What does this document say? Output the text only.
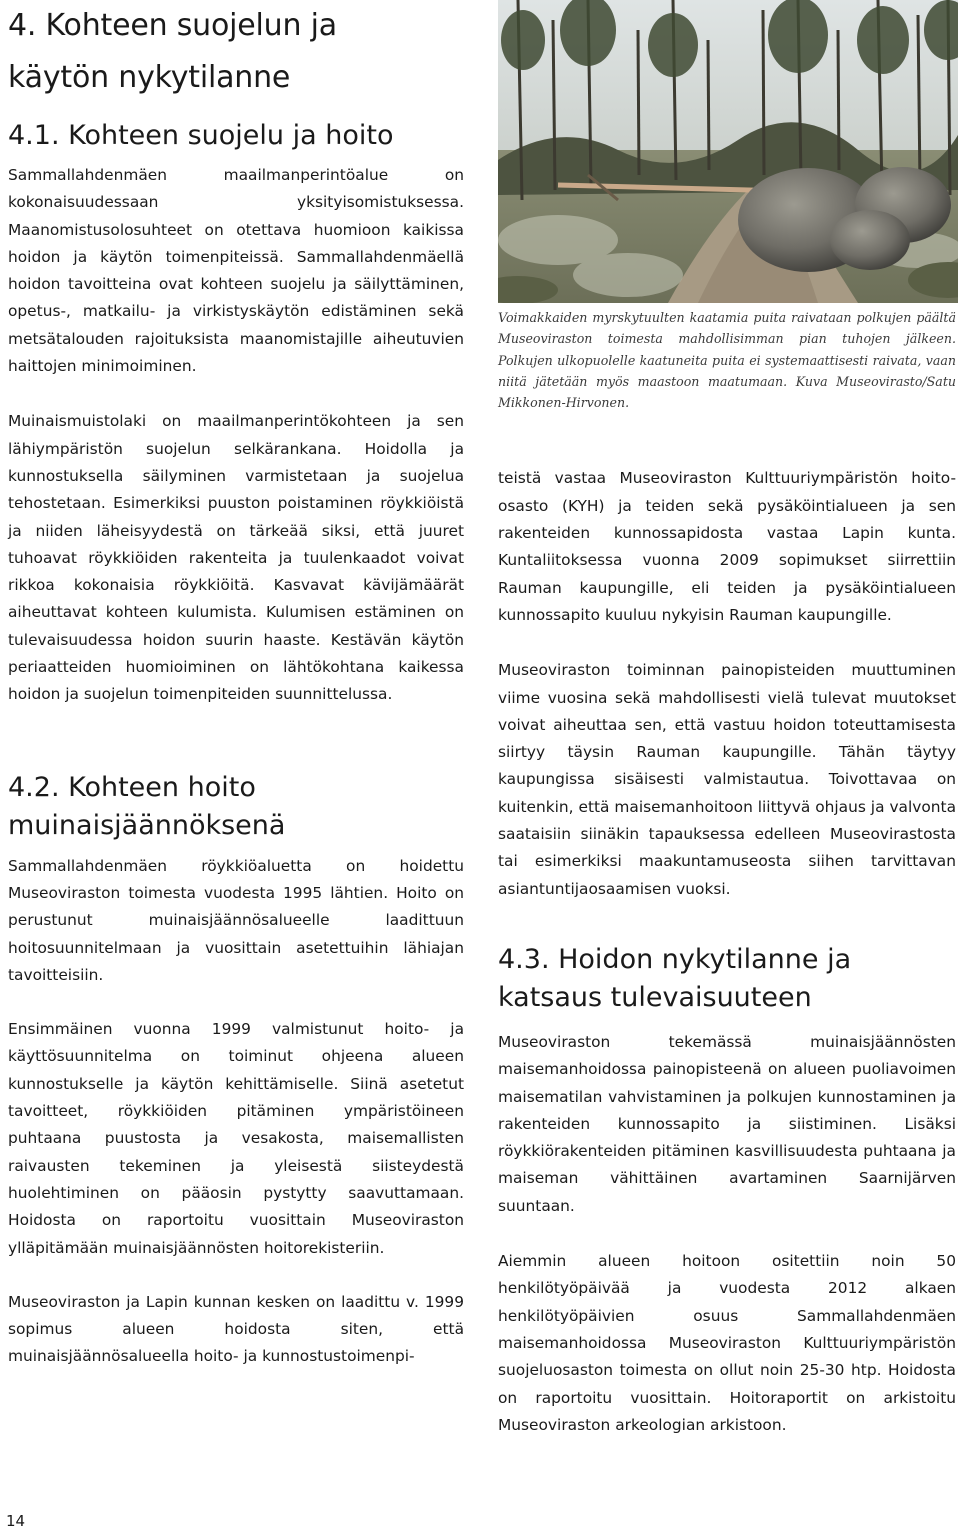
4. Kohteen suojelun ja käytön nykytilanne
4.1. Kohteen suojelu ja hoito

Sammallahdenmäen maailmanperintöalue on kokonaisuudessaan yksityisomistuksessa. Maanomistusolosuhteet on otettava huomioon kaikissa hoidon ja käytön toimenpiteissä. Sammallahdenmäellä hoidon tavoitteina ovat kohteen suojelu ja säilyttäminen, opetus-, matkailu- ja virkistyskäytön edistäminen sekä metsätalouden rajoituksista maanomistajille aiheutuvien haittojen minimoiminen.

Muinaismuistolaki on maailmanperintökohteen ja sen lähiympäristön suojelun selkärankana. Hoidolla ja kunnostuksella säilyminen varmistetaan ja suojelua tehostetaan. Esimerkiksi puuston poistaminen röykkiöistä ja niiden läheisyydestä on tärkeää siksi, että juuret tuhoavat röykkiöiden rakenteita ja tuulenkaadot voivat rikkoa kokonaisia röykkiöitä. Kasvavat kävijämäärät aiheuttavat kohteen kulumista. Kulumisen estäminen on tulevaisuudessa hoidon suurin haaste. Kestävän käytön periaatteiden huomioiminen on lähtökohtana kaikessa hoidon ja suojelun toimenpiteiden suunnittelussa.

4.2. Kohteen hoito muinaisjäännöksenä

Sammallahdenmäen röykkiöaluetta on hoidettu Museoviraston toimesta vuodesta 1995 lähtien. Hoito on perustunut muinaisjäännösalueelle laadittuun hoitosuunnitelmaan ja vuosittain asetettuihin lähiajan tavoitteisiin.

Ensimmäinen vuonna 1999 valmistunut hoito- ja käyttösuunnitelma on toiminut ohjeena alueen kunnostukselle ja käytön kehittämiselle. Siinä asetetut tavoitteet, röykkiöiden pitäminen ympäristöineen puhtaana puustosta ja vesakosta, maisemallisten raivausten tekeminen ja yleisestä siisteydestä huolehtiminen on pääosin pystytty saavuttamaan. Hoidosta on raportoitu vuosittain Museoviraston ylläpitämään muinaisjäännösten hoitorekisteriin.

Museoviraston ja Lapin kunnan kesken on laadittu v. 1999 sopimus alueen hoidosta siten, että muinaisjäännösalueella hoito- ja kunnostustoimenpi-

Voimakkaiden myrskytuulten kaatamia puita raivataan polkujen päältä Museoviraston toimesta mahdollisimman pian tuhojen jälkeen. Polkujen ulkopuolelle kaatuneita puita ei systemaattisesti raivata, vaan niitä jätetään myös maastoon maatumaan. Kuva Museovirasto/Satu Mikkonen-Hirvonen.

teistä vastaa Museoviraston Kulttuuriympäristön hoito-osasto (KYH) ja teiden sekä pysäköintialueen ja sen rakenteiden kunnossapidosta vastaa Lapin kunta. Kuntaliitoksessa vuonna 2009 sopimukset siirrettiin Rauman kaupungille, eli teiden ja pysäköintialueen kunnossapito kuuluu nykyisin Rauman kaupungille.

Museoviraston toiminnan painopisteiden muuttuminen viime vuosina sekä mahdollisesti vielä tulevat muutokset voivat aiheuttaa sen, että vastuu hoidon toteuttamisesta siirtyy täysin Rauman kaupungille. Tähän täytyy kaupungissa sisäisesti valmistautua. Toivottavaa on kuitenkin, että maisemanhoitoon liittyvä ohjaus ja valvonta saataisiin siinäkin tapauksessa edelleen Museovirastosta tai esimerkiksi maakuntamuseosta siihen tarvittavan asiantuntijaosaamisen vuoksi.

4.3. Hoidon nykytilanne ja katsaus tulevaisuuteen

Museoviraston tekemässä muinaisjäännösten maisemanhoidossa painopisteenä on alueen puoliavoimen maisematilan vahvistaminen ja polkujen kunnostaminen ja rakenteiden kunnossapito ja siistiminen. Lisäksi röykkiörakenteiden pitäminen kasvillisuudesta puhtaana ja maiseman vähittäinen avartaminen Saarnijärven suuntaan.

Aiemmin alueen hoitoon ositettiin noin 50 henkilötyöpäivää ja vuodesta 2012 alkaen henkilötyöpäivien osuus Sammallahdenmäen maisemanhoidossa Museoviraston Kulttuuriympäristön suojeluosaston toimesta on ollut noin 25-30 htp. Hoidosta on raportoitu vuosittain. Hoitoraportit on arkistoitu Museoviraston arkeologian arkistoon.

14
